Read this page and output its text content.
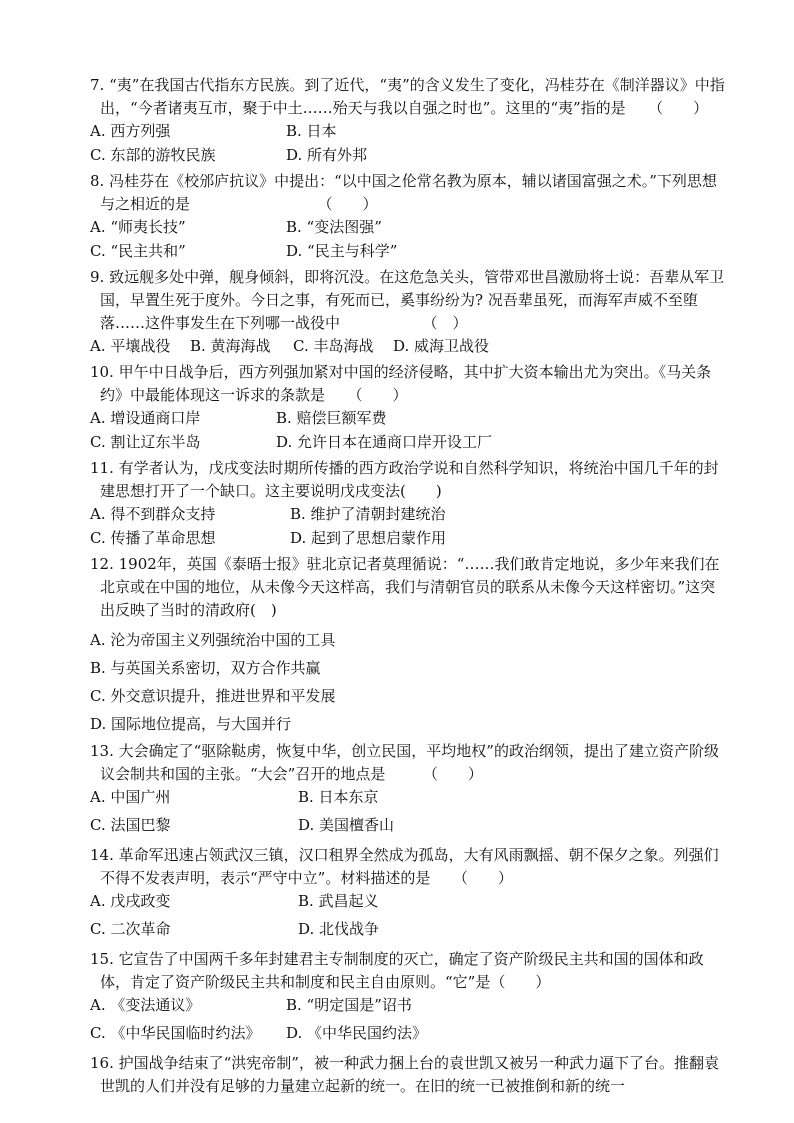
7. “夷”在我国古代指东方民族。到了近代，“夷”的含义发生了变化，冯桂芬在《制洋器议》中指出，“今者诸夷互市，聚于中土……殆天与我以自强之时也”。这里的“夷”指的是　　（　　）
A. 西方列强	B. 日本
C. 东部的游牧民族	D. 所有外邦
8. 冯桂芬在《校邠庐抗议》中提出：“以中国之伦常名教为原本，辅以诸国富强之术。”下列思想与之相近的是　　　　　　　　　（　　）
A. “师夷长技”	B. “变法图强”
C. “民主共和”	D. “民主与科学”
9. 致远舰多处中弹，舰身倾斜，即将沉没。在这危急关头，管带邓世昌激励将士说：吾辈从军卫国，早置生死于度外。今日之事，有死而已，奚事纷纷为? 况吾辈虽死，而海军声威不至堕落……这件事发生在下列哪一战役中　　　　　　（　）
A. 平壤战役 B. 黄海海战 C. 丰岛海战 D. 威海卫战役
10. 甲午中日战争后，西方列强加紧对中国的经济侵略，其中扩大资本输出尤为突出。《马关条约》中最能体现这一诉求的条款是　　（　　）
A. 增设通商口岸	B. 赔偿巨额军费
C. 割让辽东半岛	D. 允许日本在通商口岸开设工厂
11. 有学者认为，戊戌变法时期所传播的西方政治学说和自然科学知识，将统治中国几千年的封建思想打开了一个缺口。这主要说明戊戌变法(　　)
A. 得不到群众支持	B. 维护了清朝封建统治
C. 传播了革命思想	D. 起到了思想启蒙作用
12. 1902年，英国《泰晤士报》驻北京记者莫理循说：“……我们敢肯定地说，多少年来我们在北京或在中国的地位，从未像今天这样高，我们与清朝官员的联系从未像今天这样密切。”这突出反映了当时的清政府(　)
A. 沦为帝国主义列强统治中国的工具
B. 与英国关系密切，双方合作共赢
C. 外交意识提升，推进世界和平发展
D. 国际地位提高，与大国并行
13. 大会确定了“驱除鞑虏，恢复中华，创立民国，平均地权”的政治纲领，提出了建立资产阶级议会制共和国的主张。“大会”召开的地点是　　　（　　）
A. 中国广州	B. 日本东京
C. 法国巴黎	D. 美国檀香山
14. 革命军迅速占领武汉三镇，汉口租界全然成为孤岛，大有风雨飘摇、朝不保夕之象。列强们不得不发表声明，表示“严守中立”。材料描述的是　　（　　）
A. 戊戌政变	B. 武昌起义
C. 二次革命	D. 北伐战争
15. 它宣告了中国两千多年封建君主专制制度的灭亡，确定了资产阶级民主共和国的国体和政体，肯定了资产阶级民主共和制度和民主自由原则。“它”是（　　）
A. 《变法通议》	B. “明定国是”诏书
C. 《中华民国临时约法》 D. 《中华民国约法》
16. 护国战争结束了“洪宪帝制”，被一种武力捆上台的袁世凯又被另一种武力逼下了台。推翻袁世凯的人们并没有足够的力量建立起新的统一。在旧的统一已被推倒和新的统一
